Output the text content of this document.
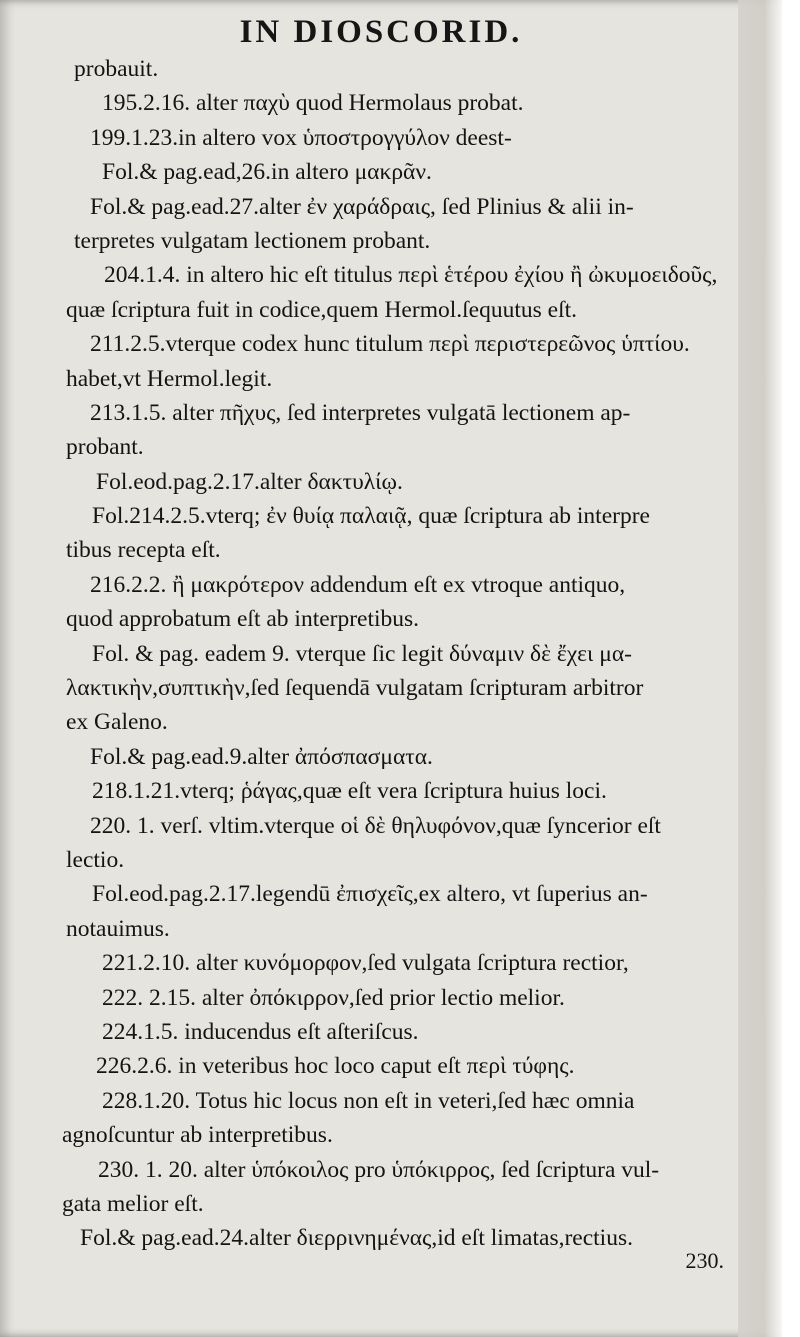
IN DIOSCORID.
probauit.
195.2.16. alter παχὺ quod Hermolaus probat.
199.1.23.in altero vox ὑποστρογγύλον deest-
Fol.& pag.ead,26.in altero μακρᾶν.
Fol.& pag.ead.27.alter ἐν χαράδραις, ſed Plinius & alii in-
terpretes vulgatam lectionem probant.
204.1.4. in altero hic eſt titulus περὶ ἑτέρου ἐχίου ἢ ὠκυμοειδοῦς,
quæ ſcriptura fuit in codice,quem Hermol.ſequutus eſt.
211.2.5.vterque codex hunc titulum περὶ περιστερεῶνος ὑπτίου.
habet,vt Hermol.legit.
213.1.5. alter πῆχυς, ſed interpretes vulgatā lectionem ap-
probant.
Fol.eod.pag.2.17.alter δακτυλίῳ.
Fol.214.2.5.vterq; ἐν θυίᾳ παλαιᾷ, quæ ſcriptura ab interpre
tibus recepta eſt.
216.2.2. ἢ μακρότερον addendum eſt ex vtroque antiquo,
quod approbatum eſt ab interpretibus.
Fol. & pag. eadem 9. vterque ſic legit δύναμιν δὲ ἔχει μα-
λακτικὴν,συπτικὴν,ſed ſequendā vulgatam ſcripturam arbitror
ex Galeno.
Fol.& pag.ead.9.alter ἀπόσπασματα.
218.1.21.vterq; ῥάγας,quæ eſt vera ſcriptura huius loci.
220. 1. verſ. vltim.vterque οἱ δὲ θηλυφόνον,quæ ſyncerior eſt
lectio.
Fol.eod.pag.2.17.legendū ἐπισχεῖς,ex altero, vt ſuperius an-
notauimus.
221.2.10. alter κυνόμορφον,ſed vulgata ſcriptura rectior,
222. 2.15. alter ὀπόκιρρον,ſed prior lectio melior.
224.1.5. inducendus eſt aſteriſcus.
226.2.6. in veteribus hoc loco caput eſt περὶ τύφης.
228.1.20. Totus hic locus non eſt in veteri,ſed hæc omnia
agnoſcuntur ab interpretibus.
230. 1. 20. alter ὑπόκοιλος pro ὑπόκιρρος, ſed ſcriptura vul-
gata melior eſt.
Fol.& pag.ead.24.alter διερρινημένας,id eſt limatas,rectius.
230.
